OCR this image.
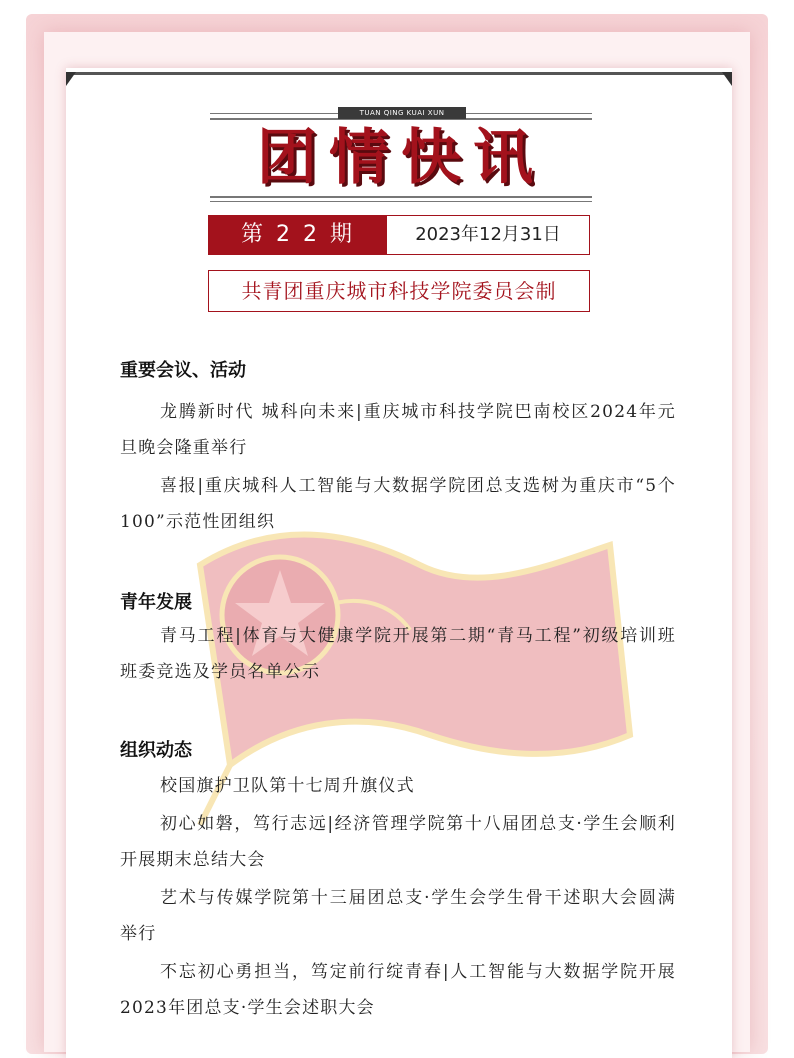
TUAN QING KUAI XUN
团情快讯
第 2 2 期	2023年12月31日
共青团重庆城市科技学院委员会制
重要会议、活动
龙腾新时代 城科向未来|重庆城市科技学院巴南校区2024年元旦晚会隆重举行
喜报|重庆城科人工智能与大数据学院团总支选树为重庆市“5个100”示范性团组织
青年发展
青马工程|体育与大健康学院开展第二期“青马工程”初级培训班班委竞选及学员名单公示
组织动态
校国旗护卫队第十七周升旗仪式
初心如磐，笃行志远|经济管理学院第十八届团总支·学生会顺利开展期末总结大会
艺术与传媒学院第十三届团总支·学生会学生骨干述职大会圆满举行
不忘初心勇担当，笃定前行绽青春|人工智能与大数据学院开展2023年团总支·学生会述职大会
